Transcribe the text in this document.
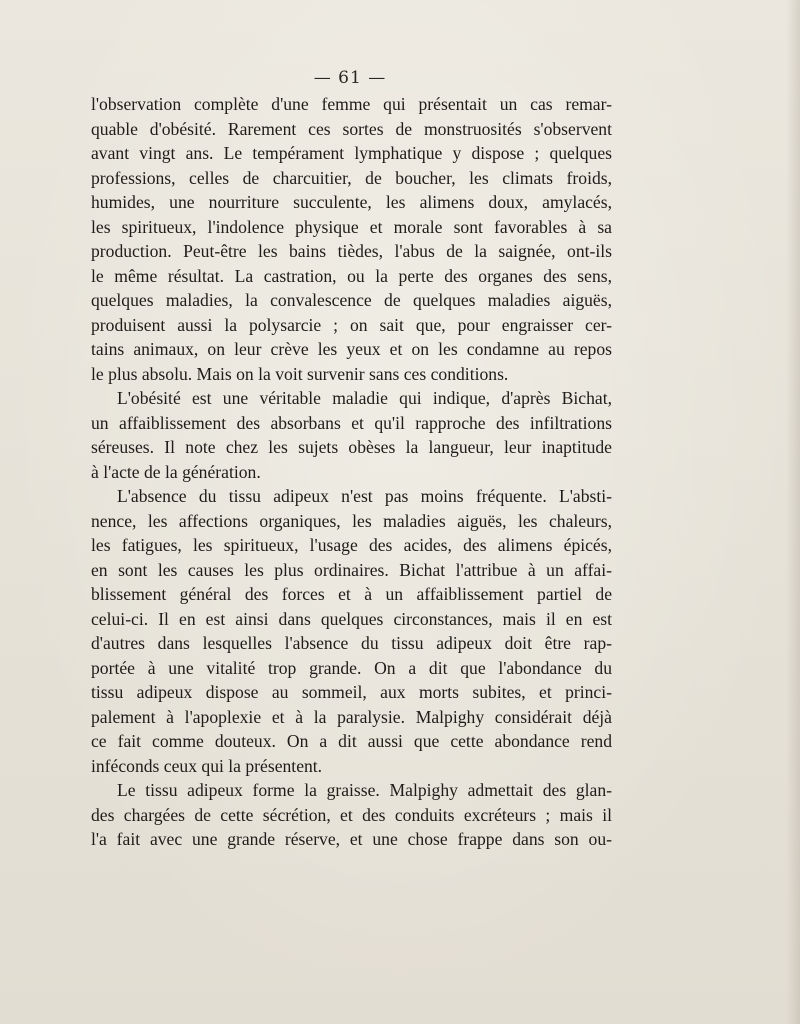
— 61 —
l'observation complète d'une femme qui présentait un cas remar-
quable d'obésité. Rarement ces sortes de monstruosités s'observent
avant vingt ans. Le tempérament lymphatique y dispose ; quelques
professions, celles de charcuitier, de boucher, les climats froids,
humides, une nourriture succulente, les alimens doux, amylacés,
les spiritueux, l'indolence physique et morale sont favorables à sa
production. Peut-être les bains tièdes, l'abus de la saignée, ont-ils
le même résultat. La castration, ou la perte des organes des sens,
quelques maladies, la convalescence de quelques maladies aiguës,
produisent aussi la polysarcie ; on sait que, pour engraisser cer-
tains animaux, on leur crève les yeux et on les condamne au repos
le plus absolu. Mais on la voit survenir sans ces conditions.
L'obésité est une véritable maladie qui indique, d'après Bichat,
un affaiblissement des absorbans et qu'il rapproche des infiltrations
séreuses. Il note chez les sujets obèses la langueur, leur inaptitude
à l'acte de la génération.
L'absence du tissu adipeux n'est pas moins fréquente. L'absti-
nence, les affections organiques, les maladies aiguës, les chaleurs,
les fatigues, les spiritueux, l'usage des acides, des alimens épicés,
en sont les causes les plus ordinaires. Bichat l'attribue à un affai-
blissement général des forces et à un affaiblissement partiel de
celui-ci. Il en est ainsi dans quelques circonstances, mais il en est
d'autres dans lesquelles l'absence du tissu adipeux doit être rap-
portée à une vitalité trop grande. On a dit que l'abondance du
tissu adipeux dispose au sommeil, aux morts subites, et princi-
palement à l'apoplexie et à la paralysie. Malpighy considérait déjà
ce fait comme douteux. On a dit aussi que cette abondance rend
inféconds ceux qui la présentent.
Le tissu adipeux forme la graisse. Malpighy admettait des glan-
des chargées de cette sécrétion, et des conduits excréteurs ; mais il
l'a fait avec une grande réserve, et une chose frappe dans son ou-
